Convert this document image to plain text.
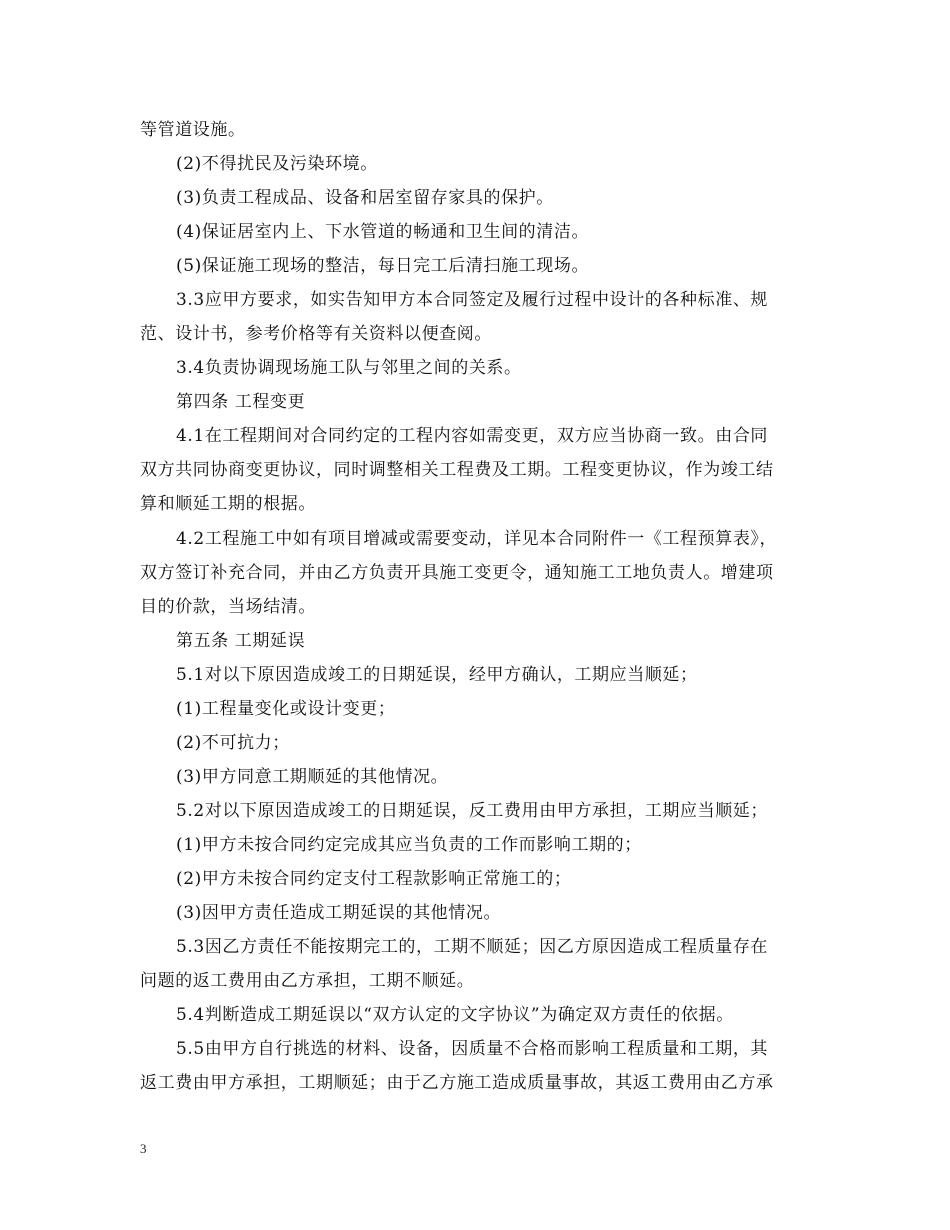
等管道设施。
(2)不得扰民及污染环境。
(3)负责工程成品、设备和居室留存家具的保护。
(4)保证居室内上、下水管道的畅通和卫生间的清洁。
(5)保证施工现场的整洁，每日完工后清扫施工现场。
3.3应甲方要求，如实告知甲方本合同签定及履行过程中设计的各种标准、规
范、设计书，参考价格等有关资料以便查阅。
3.4负责协调现场施工队与邻里之间的关系。
第四条 工程变更
4.1在工程期间对合同约定的工程内容如需变更，双方应当协商一致。由合同
双方共同协商变更协议，同时调整相关工程费及工期。工程变更协议，作为竣工结
算和顺延工期的根据。
4.2工程施工中如有项目增减或需要变动，详见本合同附件一《工程预算表》，
双方签订补充合同，并由乙方负责开具施工变更令，通知施工工地负责人。增建项
目的价款，当场结清。
第五条 工期延误
5.1对以下原因造成竣工的日期延误，经甲方确认，工期应当顺延；
(1)工程量变化或设计变更；
(2)不可抗力；
(3)甲方同意工期顺延的其他情况。
5.2对以下原因造成竣工的日期延误，反工费用由甲方承担，工期应当顺延；
(1)甲方未按合同约定完成其应当负责的工作而影响工期的；
(2)甲方未按合同约定支付工程款影响正常施工的；
(3)因甲方责任造成工期延误的其他情况。
5.3因乙方责任不能按期完工的，工期不顺延；因乙方原因造成工程质量存在
问题的返工费用由乙方承担，工期不顺延。
5.4判断造成工期延误以“双方认定的文字协议”为确定双方责任的依据。
5.5由甲方自行挑选的材料、设备，因质量不合格而影响工程质量和工期，其
返工费由甲方承担，工期顺延；由于乙方施工造成质量事故，其返工费用由乙方承
3
